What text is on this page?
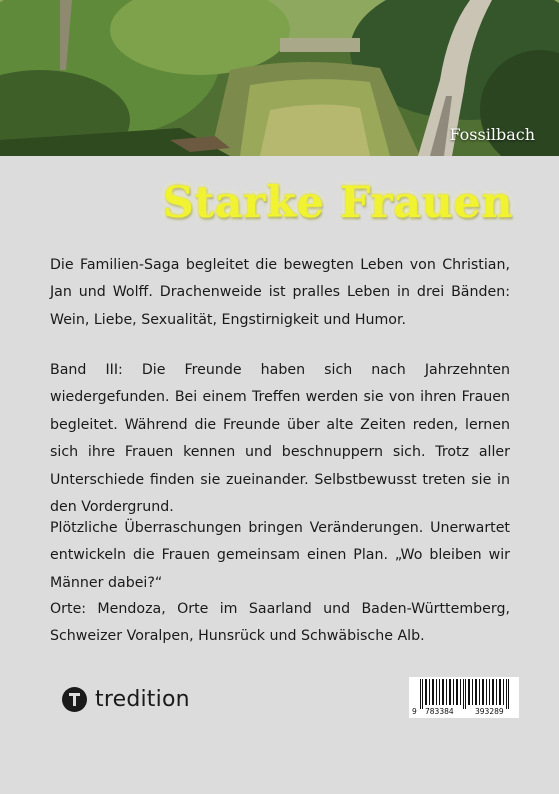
Fossilbach
Starke Frauen

Die Familien-Saga begleitet die bewegten Leben von Christian, Jan und Wolff. Drachenweide ist pralles Leben in drei Bänden: Wein, Liebe, Sexualität, Engstirnigkeit und Humor.

Band III: Die Freunde haben sich nach Jahrzehnten wiedergefunden. Bei einem Treffen werden sie von ihren Frauen begleitet. Während die Freunde über alte Zeiten reden, lernen sich ihre Frauen kennen und beschnuppern sich. Trotz aller Unterschiede finden sie zueinander. Selbstbewusst treten sie in den Vordergrund.

Plötzliche Überraschungen bringen Veränderungen. Unerwartet entwickeln die Frauen gemeinsam einen Plan. „Wo bleiben wir Männer dabei?“

Orte: Mendoza, Orte im Saarland und Baden-Württemberg, Schweizer Voralpen, Hunsrück und Schwäbische Alb.

tredition	9 783384	393289
